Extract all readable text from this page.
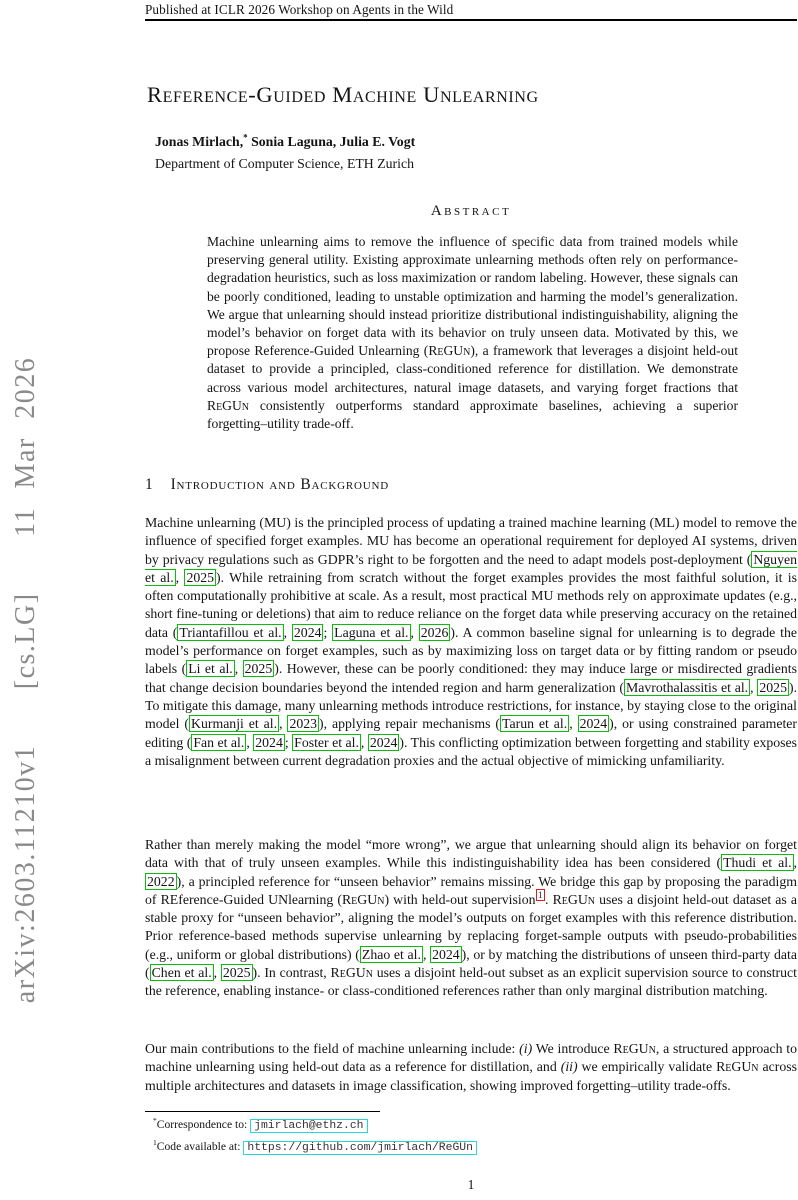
arXiv:2603.11210v1   [cs.LG]   11 Mar 2026
Published at ICLR 2026 Workshop on Agents in the Wild
Reference-Guided Machine Unlearning
Jonas Mirlach,* Sonia Laguna, Julia E. Vogt
Department of Computer Science, ETH Zurich
Abstract
Machine unlearning aims to remove the influence of specific data from trained models while preserving general utility. Existing approximate unlearning methods often rely on performance-degradation heuristics, such as loss maximization or random labeling. However, these signals can be poorly conditioned, leading to unstable optimization and harming the model’s generalization. We argue that unlearning should instead prioritize distributional indistinguishability, aligning the model’s behavior on forget data with its behavior on truly unseen data. Motivated by this, we propose Reference-Guided Unlearning (ReGUn), a framework that leverages a disjoint held-out dataset to provide a principled, class-conditioned reference for distillation. We demonstrate across various model architectures, natural image datasets, and varying forget fractions that ReGUn consistently outperforms standard approximate baselines, achieving a superior forgetting–utility trade-off.
1 Introduction and Background
Machine unlearning (MU) is the principled process of updating a trained machine learning (ML) model to remove the influence of specified forget examples. MU has become an operational requirement for deployed AI systems, driven by privacy regulations such as GDPR’s right to be forgotten and the need to adapt models post-deployment ( Nguyen et al. , 2025 ). While retraining from scratch without the forget examples provides the most faithful solution, it is often computationally prohibitive at scale. As a result, most practical MU methods rely on approximate updates (e.g., short fine-tuning or deletions) that aim to reduce reliance on the forget data while preserving accuracy on the retained data ( Triantafillou et al. , 2024 ; Laguna et al. , 2026 ). A common baseline signal for unlearning is to degrade the model’s performance on forget examples, such as by maximizing loss on target data or by fitting random or pseudo labels ( Li et al. , 2025 ). However, these can be poorly conditioned: they may induce large or misdirected gradients that change decision boundaries beyond the intended region and harm generalization ( Mavrothalassitis et al. , 2025 ). To mitigate this damage, many unlearning methods introduce restrictions, for instance, by staying close to the original model ( Kurmanji et al. , 2023 ), applying repair mechanisms ( Tarun et al. , 2024 ), or using constrained parameter editing ( Fan et al. , 2024 ; Foster et al. , 2024 ). This conflicting optimization between forgetting and stability exposes a misalignment between current degradation proxies and the actual objective of mimicking unfamiliarity.
Rather than merely making the model “more wrong”, we argue that unlearning should align its behavior on forget data with that of truly unseen examples. While this indistinguishability idea has been considered ( Thudi et al. , 2022 ), a principled reference for “unseen behavior” remains missing. We bridge this gap by proposing the paradigm of REference-Guided UNlearning (ReGUn) with held-out supervision $^1$ . ReGUn uses a disjoint held-out dataset as a stable proxy for “unseen behavior”, aligning the model’s outputs on forget examples with this reference distribution. Prior reference-based methods supervise unlearning by replacing forget-sample outputs with pseudo-probabilities (e.g., uniform or global distributions) ( Zhao et al. , 2024 ), or by matching the distributions of unseen third-party data ( Chen et al. , 2025 ). In contrast, ReGUn uses a disjoint held-out subset as an explicit supervision source to construct the reference, enabling instance- or class-conditioned references rather than only marginal distribution matching.
Our main contributions to the field of machine unlearning include: (i) We introduce ReGUn, a structured approach to machine unlearning using held-out data as a reference for distillation, and (ii) we empirically validate ReGUn across multiple architectures and datasets in image classification, showing improved forgetting–utility trade-offs.
*Correspondence to: jmirlach@ethz.ch
$^1$Code available at: https://github.com/jmirlach/ReGUn
1
